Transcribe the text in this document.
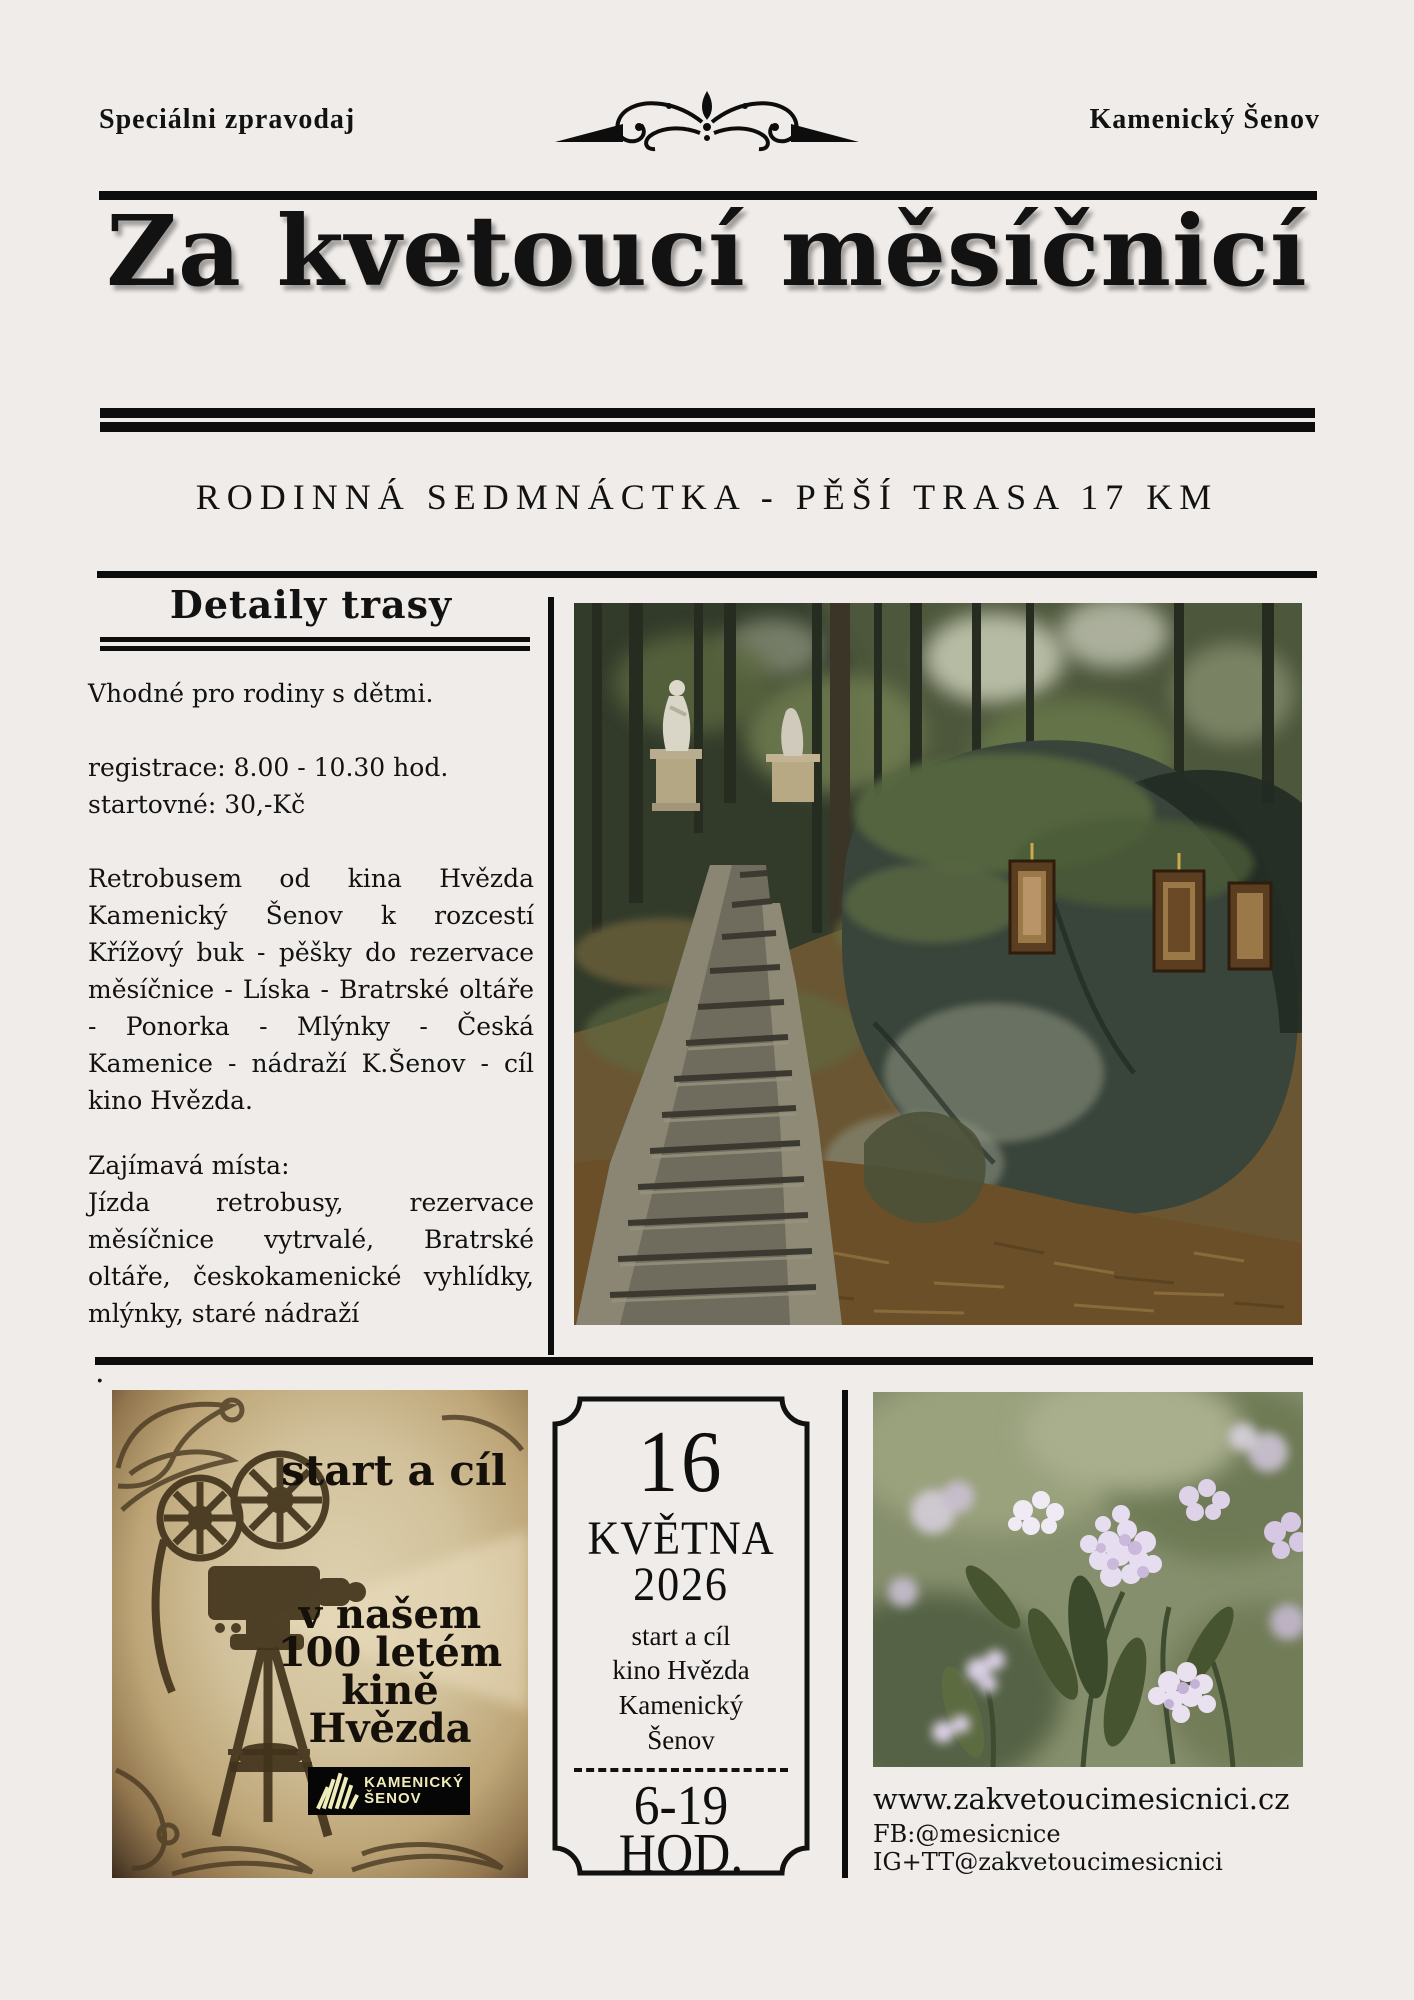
Speciálni zpravodaj	Kamenický Šenov
Za kvetoucí měsíčnicí
RODINNÁ SEDMNÁCTKA - PĚŠÍ TRASA 17 KM
Detaily trasy

Vhodné pro rodiny s dětmi.

registrace: 8.00 - 10.30 hod.
startovné: 30,-Kč

Retrobusem od kina Hvězda Kamenický Šenov k rozcestí Křížový buk - pěšky do rezervace měsíčnice - Líska - Bratrské oltáře - Ponorka - Mlýnky - Česká Kamenice - nádraží K.Šenov - cíl kino Hvězda.

Zajímavá místa:

Jízda retrobusy, rezervace měsíčnice vytrvalé, Bratrské oltáře, českokamenické vyhlídky, mlýnky, staré nádraží

.
start a cíl
v našem
100 letém
kině Hvězda
KAMENICKÝ
ŠENOV
16
KVĚTNA
2026
start a cíl
kino Hvězda
Kamenický
Šenov
6-19
HOD.
www.zakvetoucimesicnici.cz
FB:@mesicnice IG+TT@zakvetoucimesicnici
